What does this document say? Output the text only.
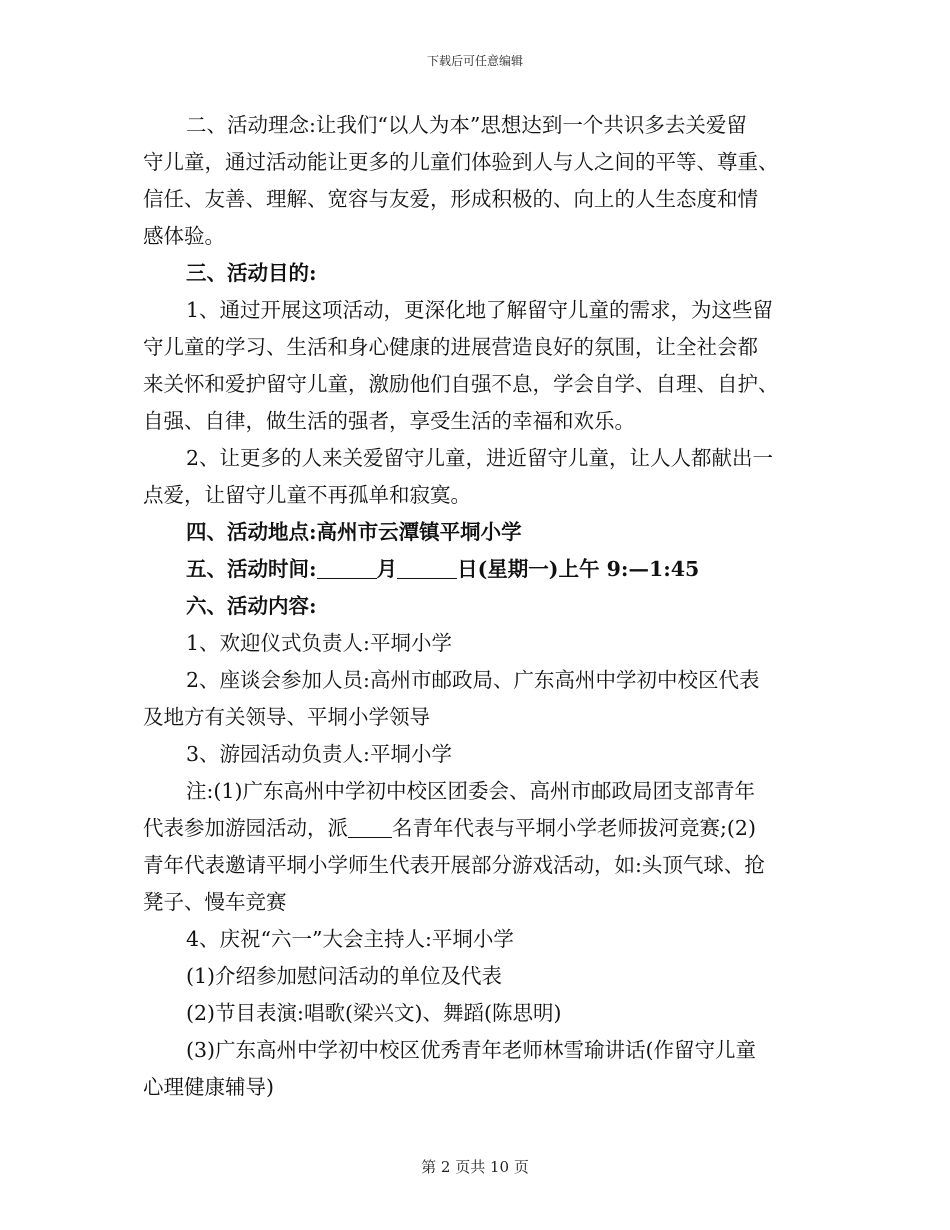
下载后可任意编辑
二、活动理念:让我们“以人为本”思想达到一个共识多去关爱留
守儿童，通过活动能让更多的儿童们体验到人与人之间的平等、尊重、
信任、友善、理解、宽容与友爱，形成积极的、向上的人生态度和情
感体验。
三、活动目的:
1、通过开展这项活动，更深化地了解留守儿童的需求，为这些留
守儿童的学习、生活和身心健康的进展营造良好的氛围，让全社会都
来关怀和爱护留守儿童，激励他们自强不息，学会自学、自理、自护、
自强、自律，做生活的强者，享受生活的幸福和欢乐。
2、让更多的人来关爱留守儿童，进近留守儿童，让人人都献出一
点爱，让留守儿童不再孤单和寂寞。
四、活动地点:高州市云潭镇平垌小学
五、活动时间:	月	日(星期一)上午 9:—1:45
六、活动内容:
1、欢迎仪式负责人:平垌小学
2、座谈会参加人员:高州市邮政局、广东高州中学初中校区代表
及地方有关领导、平垌小学领导
3、游园活动负责人:平垌小学
注:(1)广东高州中学初中校区团委会、高州市邮政局团支部青年
代表参加游园活动，派 名青年代表与平垌小学老师拔河竞赛;(2)
青年代表邀请平垌小学师生代表开展部分游戏活动，如:头顶气球、抢
凳子、慢车竞赛
4、庆祝“六一”大会主持人:平垌小学
(1)介绍参加慰问活动的单位及代表
(2)节目表演:唱歌(梁兴文)、舞蹈(陈思明)
(3)广东高州中学初中校区优秀青年老师林雪瑜讲话(作留守儿童
心理健康辅导)
第 2 页共 10 页
